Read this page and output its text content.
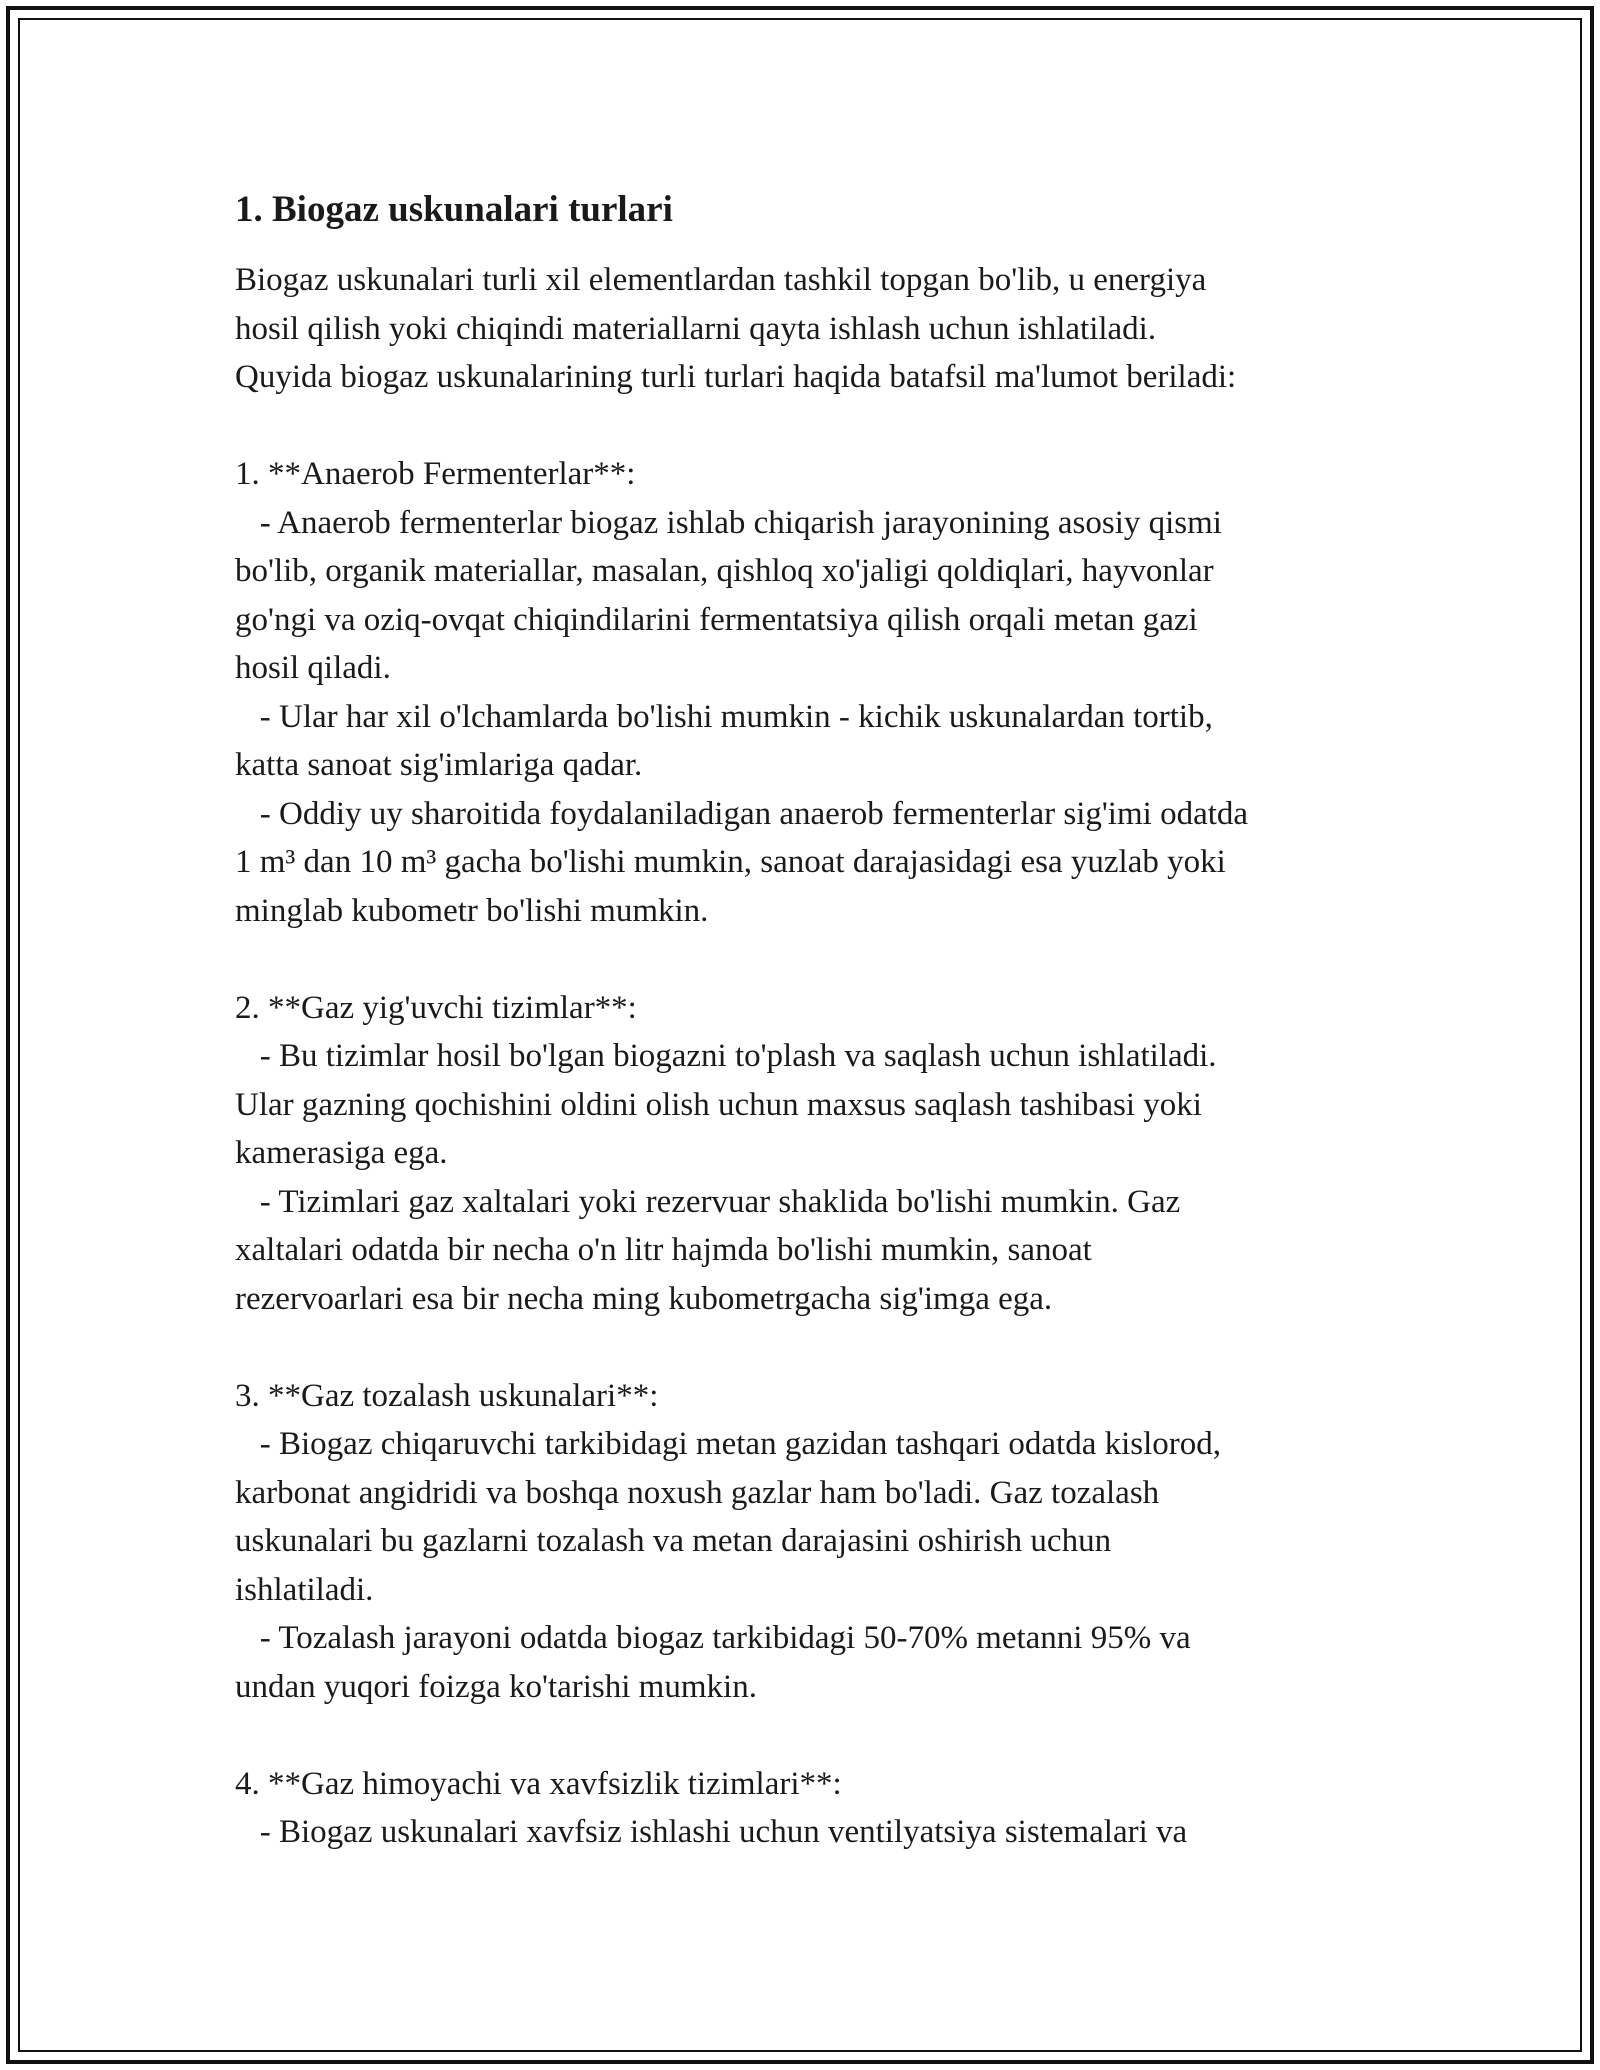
1. Biogaz uskunalari turlari
Biogaz uskunalari turli xil elementlardan tashkil topgan bo'lib, u energiya
hosil qilish yoki chiqindi materiallarni qayta ishlash uchun ishlatiladi.
Quyida biogaz uskunalarining turli turlari haqida batafsil ma'lumot beriladi:
1. **Anaerob Fermenterlar**:
- Anaerob fermenterlar biogaz ishlab chiqarish jarayonining asosiy qismi
bo'lib, organik materiallar, masalan, qishloq xo'jaligi qoldiqlari, hayvonlar
go'ngi va oziq-ovqat chiqindilarini fermentatsiya qilish orqali metan gazi
hosil qiladi.
- Ular har xil o'lchamlarda bo'lishi mumkin - kichik uskunalardan tortib,
katta sanoat sig'imlariga qadar.
- Oddiy uy sharoitida foydalaniladigan anaerob fermenterlar sig'imi odatda
1 m³ dan 10 m³ gacha bo'lishi mumkin, sanoat darajasidagi esa yuzlab yoki
minglab kubometr bo'lishi mumkin.
2. **Gaz yig'uvchi tizimlar**:
- Bu tizimlar hosil bo'lgan biogazni to'plash va saqlash uchun ishlatiladi.
Ular gazning qochishini oldini olish uchun maxsus saqlash tashibasi yoki
kamerasiga ega.
- Tizimlari gaz xaltalari yoki rezervuar shaklida bo'lishi mumkin. Gaz
xaltalari odatda bir necha o'n litr hajmda bo'lishi mumkin, sanoat
rezervoarlari esa bir necha ming kubometrgacha sig'imga ega.
3. **Gaz tozalash uskunalari**:
- Biogaz chiqaruvchi tarkibidagi metan gazidan tashqari odatda kislorod,
karbonat angidridi va boshqa noxush gazlar ham bo'ladi. Gaz tozalash
uskunalari bu gazlarni tozalash va metan darajasini oshirish uchun
ishlatiladi.
- Tozalash jarayoni odatda biogaz tarkibidagi 50-70% metanni 95% va
undan yuqori foizga ko'tarishi mumkin.
4. **Gaz himoyachi va xavfsizlik tizimlari**:
- Biogaz uskunalari xavfsiz ishlashi uchun ventilyatsiya sistemalari va
